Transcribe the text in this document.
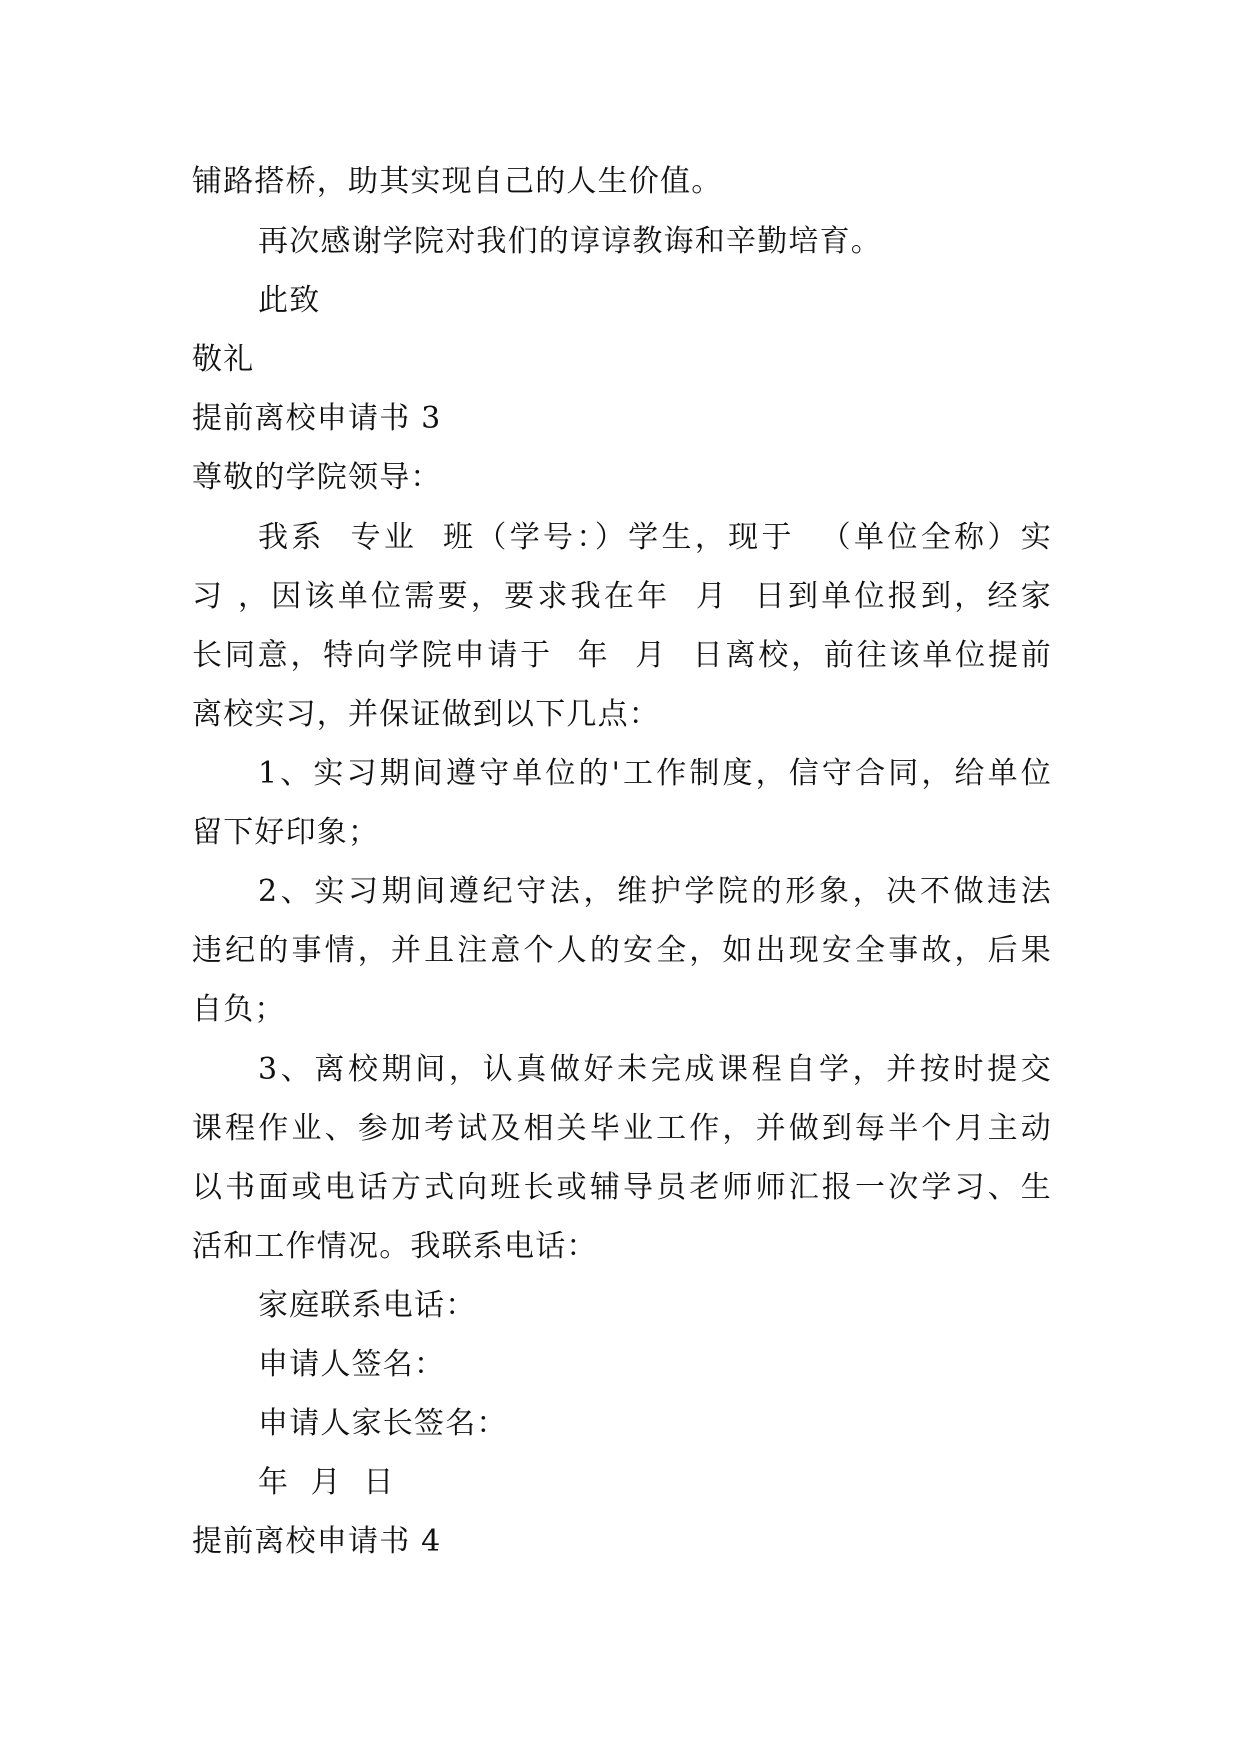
铺路搭桥，助其实现自己的人生价值。
再次感谢学院对我们的谆谆教诲和辛勤培育。
此致
敬礼
提前离校申请书 3
尊敬的学院领导：
我系  专业  班（学号：）学生，现于  （单位全称）实
习 ，因该单位需要，要求我在年  月  日到单位报到，经家
长同意，特向学院申请于  年  月  日离校，前往该单位提前
离校实习，并保证做到以下几点：
1、实习期间遵守单位的'工作制度，信守合同，给单位
留下好印象；
2、实习期间遵纪守法，维护学院的形象，决不做违法
违纪的事情，并且注意个人的安全，如出现安全事故，后果
自负；
3、离校期间，认真做好未完成课程自学，并按时提交
课程作业、参加考试及相关毕业工作，并做到每半个月主动
以书面或电话方式向班长或辅导员老师师汇报一次学习、生
活和工作情况。我联系电话：
家庭联系电话：
申请人签名：
申请人家长签名：
年  月  日
提前离校申请书 4
